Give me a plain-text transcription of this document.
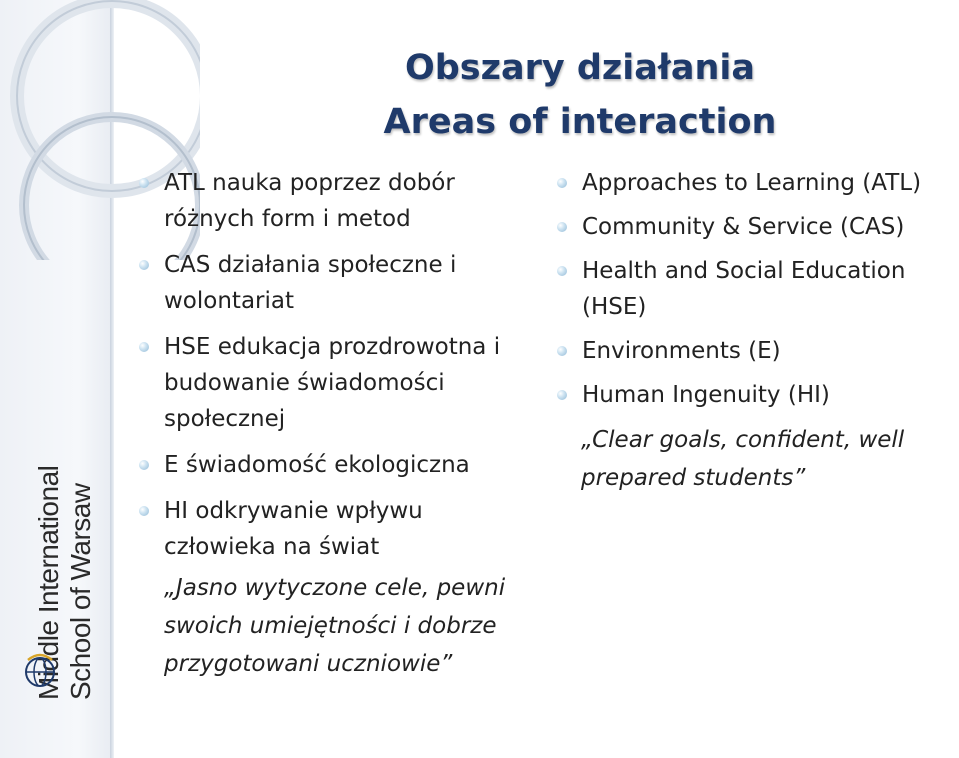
Middle International School of Warsaw
Obszary działania
Areas of interaction
ATL nauka poprzez dobór różnych form i metod
CAS działania społeczne i wolontariat
HSE edukacja prozdrowotna i budowanie świadomości społecznej
E świadomość ekologiczna
HI odkrywanie wpływu człowieka na świat

„Jasno wytyczone cele, pewni swoich umiejętności i dobrze przygotowani uczniowie”

Approaches to Learning (ATL)
Community & Service (CAS)
Health and Social Education (HSE)
Environments (E)
Human Ingenuity (HI)

„Clear goals, confident, well prepared students”
